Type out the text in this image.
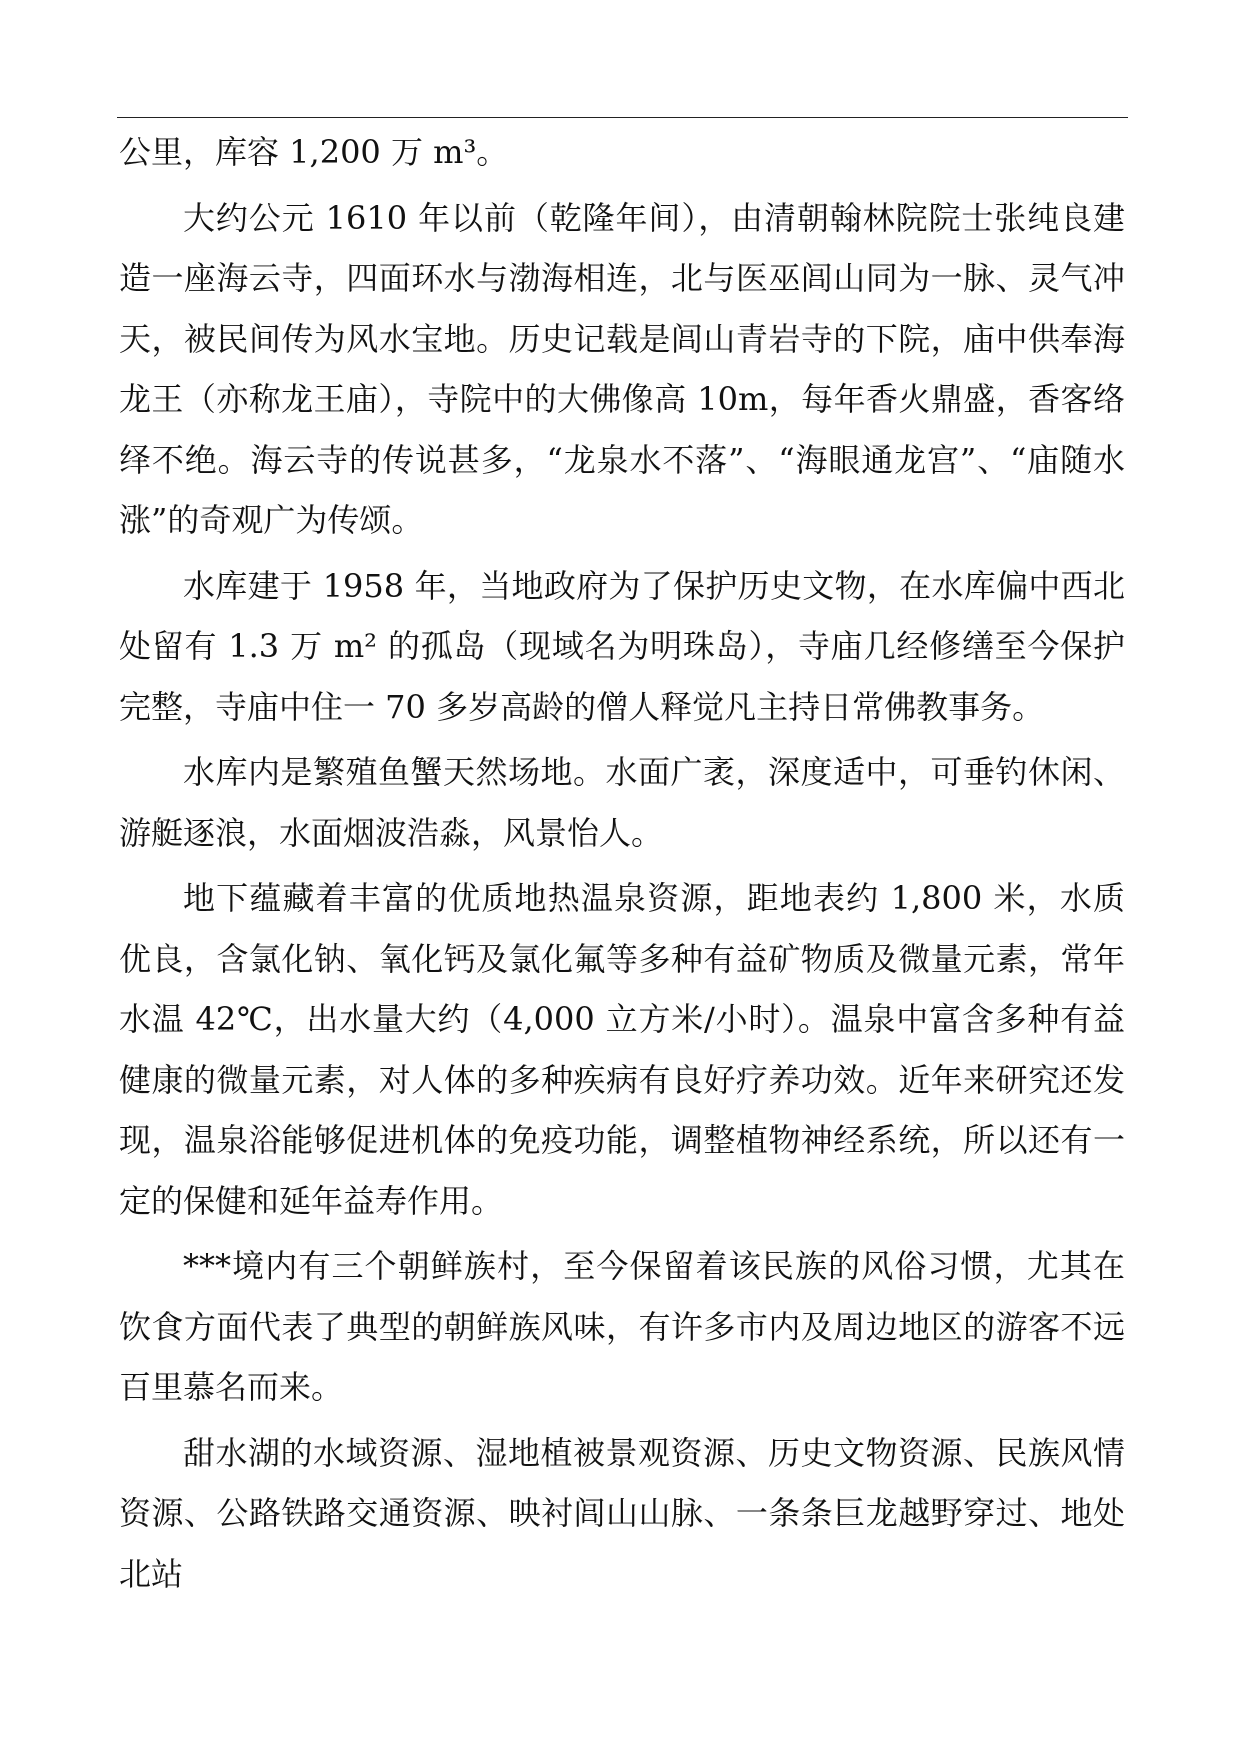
公里，库容 1,200 万 m³。

大约公元 1610 年以前（乾隆年间），由清朝翰林院院士张纯良建造一座海云寺，四面环水与渤海相连，北与医巫闾山同为一脉、灵气冲天，被民间传为风水宝地。历史记载是闾山青岩寺的下院，庙中供奉海龙王（亦称龙王庙），寺院中的大佛像高 10m，每年香火鼎盛，香客络绎不绝。海云寺的传说甚多，“龙泉水不落”、“海眼通龙宫”、“庙随水涨”的奇观广为传颂。

水库建于 1958 年，当地政府为了保护历史文物，在水库偏中西北处留有 1.3 万 m² 的孤岛（现域名为明珠岛），寺庙几经修缮至今保护完整，寺庙中住一 70 多岁高龄的僧人释觉凡主持日常佛教事务。

水库内是繁殖鱼蟹天然场地。水面广袤，深度适中，可垂钓休闲、游艇逐浪，水面烟波浩淼，风景怡人。

地下蕴藏着丰富的优质地热温泉资源，距地表约 1,800 米，水质优良，含氯化钠、氧化钙及氯化氟等多种有益矿物质及微量元素，常年水温 42℃，出水量大约（4,000 立方米/小时）。温泉中富含多种有益健康的微量元素，对人体的多种疾病有良好疗养功效。近年来研究还发现，温泉浴能够促进机体的免疫功能，调整植物神经系统，所以还有一定的保健和延年益寿作用。

***境内有三个朝鲜族村，至今保留着该民族的风俗习惯，尤其在饮食方面代表了典型的朝鲜族风味，有许多市内及周边地区的游客不远百里慕名而来。

甜水湖的水域资源、湿地植被景观资源、历史文物资源、民族风情资源、公路铁路交通资源、映衬闾山山脉、一条条巨龙越野穿过、地处北站
